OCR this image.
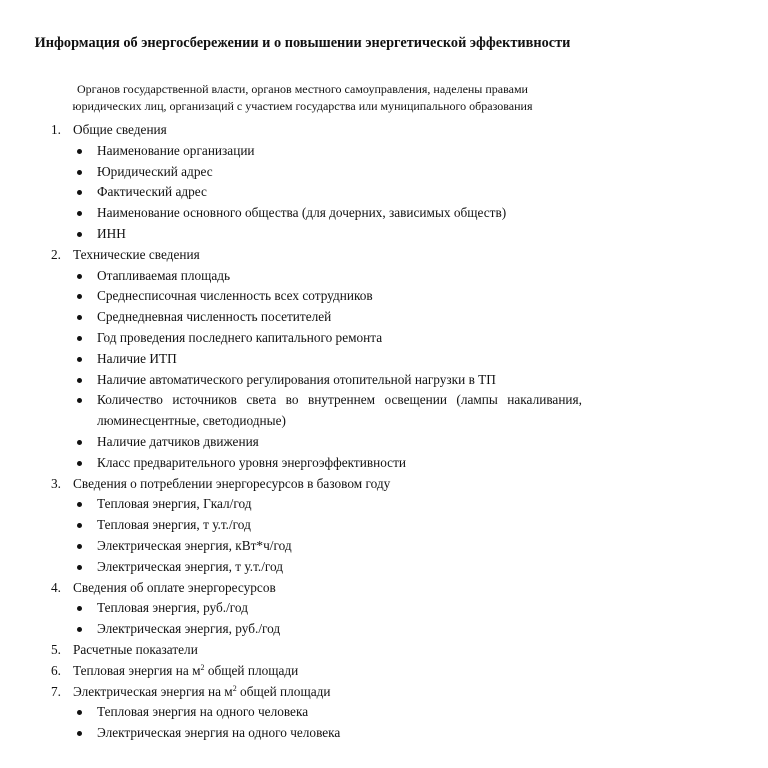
Информация об энергосбережении и о повышении энергетической эффективности
Органов государственной власти, органов местного самоуправления, наделены правами
юридических лиц, организаций с участием государства или муниципального образования
1. Общие сведения
Наименование организации
Юридический адрес
Фактический адрес
Наименование основного общества (для дочерних, зависимых обществ)
ИНН
2. Технические сведения
Отапливаемая площадь
Среднесписочная численность всех сотрудников
Среднедневная численность посетителей
Год проведения последнего капитального ремонта
Наличие ИТП
Наличие автоматического регулирования отопительной нагрузки в ТП
Количество источников света во внутреннем освещении (лампы накаливания, люминесцентные, светодиодные)
Наличие датчиков движения
Класс предварительного уровня энергоэффективности
3. Сведения о потреблении энергоресурсов в базовом году
Тепловая энергия, Гкал/год
Тепловая энергия, т у.т./год
Электрическая энергия, кВт*ч/год
Электрическая энергия, т у.т./год
4. Сведения об оплате энергоресурсов
Тепловая энергия, руб./год
Электрическая энергия, руб./год
5. Расчетные показатели
6. Тепловая энергия на $м^2$ общей площади
7. Электрическая энергия на $м^2$ общей площади
Тепловая энергия на одного человека
Электрическая энергия на одного человека
